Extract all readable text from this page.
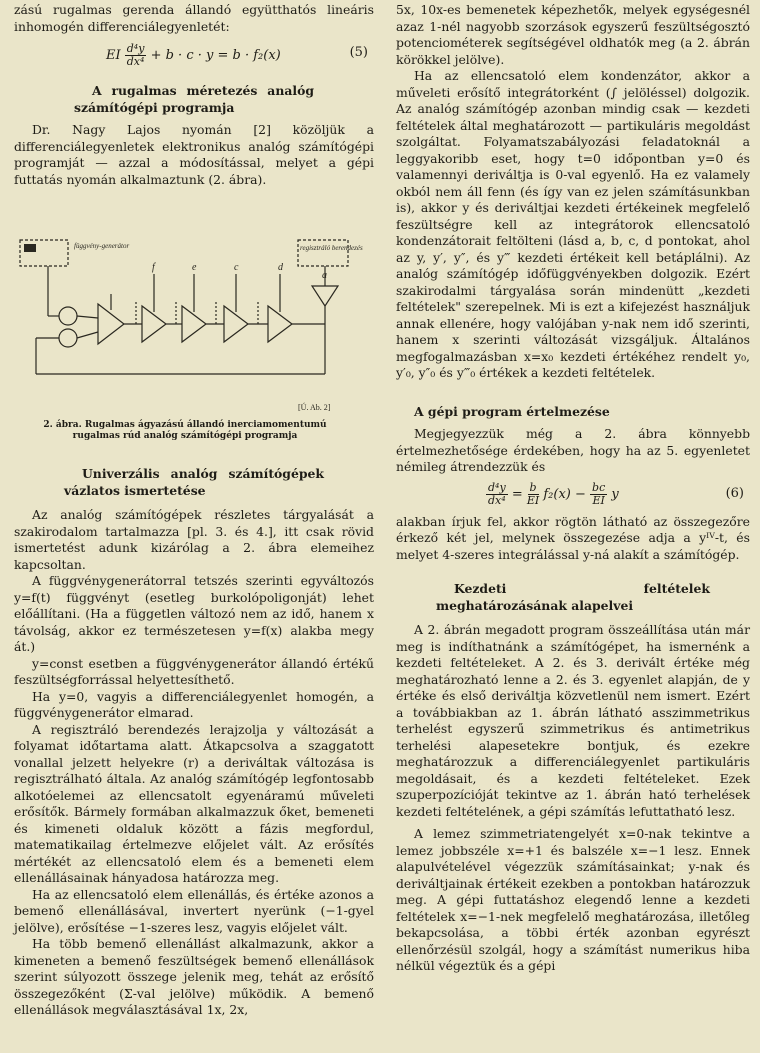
zású rugalmas gerenda állandó együtthatós lineáris inhomogén differenciálegyenletét:

EI $\frac{\text{d⁴y}}{\text{dx⁴}} + b \cdot c \cdot y = b \cdot f_2(x)$	(5)

A rugalmas méretezés analóg számítógépi programja

Dr. Nagy Lajos nyomán [2] közöljük a differenciálegyenletek elektronikus analóg számítógépi programját — azzal a módosítással, melyet a gépi futtatás nyomán alkalmaztunk (2. ábra).

függvény-generátor	regisztráló berendezés
f	e	c	d
a
[Ú. Ab. 2]
2. ábra. Rugalmas ágyazású állandó inerciamomentumú rugalmas rúd analóg számítógépi programja

Univerzális analóg számítógépek vázlatos ismertetése

Az analóg számítógépek részletes tárgyalását a szakirodalom tartalmazza [pl. 3. és 4.], itt csak rövid ismertetést adunk kizárólag a 2. ábra elemeihez kapcsoltan.

A függvénygenerátorral tetszés szerinti egyváltozós y=f(t) függvényt (esetleg burkolópoligonját) lehet előállítani. (Ha a független változó nem az idő, hanem x távolság, akkor ez természetesen y=f(x) alakba megy át.)

y=const esetben a függvénygenerátor állandó értékű feszültségforrással helyettesíthető.

Ha y=0, vagyis a differenciálegyenlet homogén, a függvénygenerátor elmarad.

A regisztráló berendezés lerajzolja y változását a folyamat időtartama alatt. Átkapcsolva a szaggatott vonallal jelzett helyekre (r) a deriváltak változása is regisztrálható általa. Az analóg számítógép legfontosabb alkotóelemei az ellencsatolt egyenáramú műveleti erősítők. Bármely formában alkalmazzuk őket, bemeneti és kimeneti oldaluk között a fázis megfordul, matematikailag értelmezve előjelet vált. Az erősítés mértékét az ellencsatoló elem és a bemeneti elem ellenállásainak hányadosa határozza meg.

Ha az ellencsatoló elem ellenállás, és értéke azonos a bemenő ellenállásával, invertert nyerünk (−1-gyel jelölve), erősítése −1-szeres lesz, vagyis előjelet vált.

Ha több bemenő ellenállást alkalmazunk, akkor a kimeneten a bemenő feszültségek bemenő ellenállások szerint súlyozott összege jelenik meg, tehát az erősítő összegezőként (Σ-val jelölve) működik. A bemenő ellenállások megválasztásával 1x, 2x,

5x, 10x-es bemenetek képezhetők, melyek egységesnél azaz 1-nél nagyobb szorzások egyszerű feszültségosztó potenciométerek segítségével oldhatók meg (a 2. ábrán körökkel jelölve).

Ha az ellencsatoló elem kondenzátor, akkor a műveleti erősítő integrátorként (∫ jelöléssel) dolgozik. Az analóg számítógép azonban mindig csak — kezdeti feltételek által meghatározott — partikuláris megoldást szolgáltat. Folyamatszabályozási feladatoknál a leggyakoribb eset, hogy t=0 időpontban y=0 és valamennyi deriváltja is 0-val egyenlő. Ha ez valamely okból nem áll fenn (és így van ez jelen számításunkban is), akkor y és deriváltjai kezdeti értékeinek megfelelő feszültségre kell az integrátorok ellencsatoló kondenzátorait feltölteni (lásd a, b, c, d pontokat, ahol az y, y′, y″, és y‴ kezdeti értékeit kell betáplálni). Az analóg számítógép időfüggvényekben dolgozik. Ezért szakirodalmi tárgyalása során mindenütt „kezdeti feltételek" szerepelnek. Mi is ezt a kifejezést használjuk annak ellenére, hogy valójában y-nak nem idő szerinti, hanem x szerinti változását vizsgáljuk. Általános megfogalmazásban x=x₀ kezdeti értékéhez rendelt y₀, y′₀, y″₀ és y‴₀ értékek a kezdeti feltételek.

A gépi program értelmezése

Megjegyezzük még a 2. ábra könnyebb értelmezhetősége érdekében, hogy ha az 5. egyenletet némileg átrendezzük és

$\frac{\text{d⁴y}}{\text{dx⁴}} = \frac{b}{EI} f_2(x) - \frac{bc}{EI}$ y	(6)

alakban írjuk fel, akkor rögtön látható az összegezőre érkező két jel, melynek összegezése adja a yᴵⱽ-t, és melyet 4-szeres integrálással y-ná alakít a számítógép.

Kezdeti feltételek meghatározásának alapelvei

A 2. ábrán megadott program összeállítása után már meg is indíthatnánk a számítógépet, ha ismernénk a kezdeti feltételeket. A 2. és 3. derivált értéke még meghatározható lenne a 2. és 3. egyenlet alapján, de y értéke és első deriváltja közvetlenül nem ismert. Ezért a továbbiakban az 1. ábrán látható asszimmetrikus terhelést egyszerű szimmetrikus és antimetrikus terhelési alapesetekre bontjuk, és ezekre meghatározzuk a differenciálegyenlet partikuláris megoldásait, és a kezdeti feltételeket. Ezek szuperpozícióját tekintve az 1. ábrán ható terhelések kezdeti feltételének, a gépi számítás lefuttatható lesz.

A lemez szimmetriatengelyét x=0-nak tekintve a lemez jobbszéle x=+1 és balszéle x=−1 lesz. Ennek alapulvételével végezzük számításainkat; y-nak és deriváltjainak értékeit ezekben a pontokban határozzuk meg. A gépi futtatáshoz elegendő lenne a kezdeti feltételek x=−1-nek megfelelő meghatározása, illetőleg bekapcsolása, a többi érték azonban egyrészt ellenőrzésül szolgál, hogy a számítást numerikus hiba nélkül végeztük és a gépi
